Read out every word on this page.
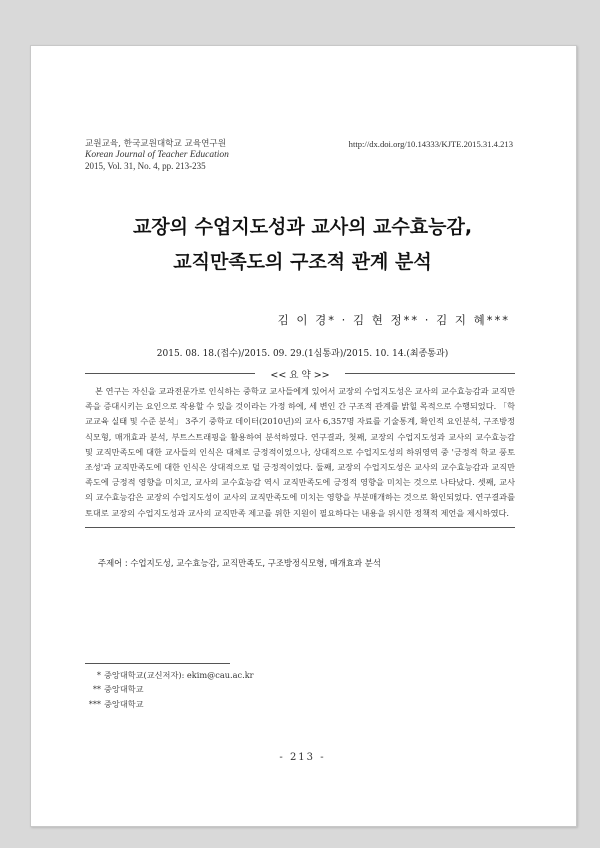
교원교육, 한국교원대학교 교육연구원
Korean Journal of Teacher Education
2015, Vol. 31, No. 4, pp. 213-235
http://dx.doi.org/10.14333/KJTE.2015.31.4.213
교장의 수업지도성과 교사의 교수효능감,
교직만족도의 구조적 관계 분석
김 이 경* · 김 현 정** · 김 지 혜***
2015. 08. 18.(접수)/2015. 09. 29.(1심통과)/2015. 10. 14.(최종통과)
<< 요 약 >>
본 연구는 자신을 교과전문가로 인식하는 중학교 교사들에게 있어서 교장의 수업지도성은 교사의 교수효능감과 교직만족을 증대시키는 요인으로 작용할 수 있을 것이라는 가정 하에, 세 변인 간 구조적 관계를 밝힐 목적으로 수행되었다. 「학교교육 실태 및 수준 분석」 3주기 중학교 데이터(2010년)의 교사 6,357명 자료를 기술통계, 확인적 요인분석, 구조방정식모형, 매개효과 분석, 부트스트래핑을 활용하여 분석하였다. 연구결과, 첫째, 교장의 수업지도성과 교사의 교수효능감 및 교직만족도에 대한 교사들의 인식은 대체로 긍정적이었으나, 상대적으로 수업지도성의 하위영역 중 '긍정적 학교 풍토 조성'과 교직만족도에 대한 인식은 상대적으로 덜 긍정적이었다. 둘째, 교장의 수업지도성은 교사의 교수효능감과 교직만족도에 긍정적 영향을 미치고, 교사의 교수효능감 역시 교직만족도에 긍정적 영향을 미치는 것으로 나타났다. 셋째, 교사의 교수효능감은 교장의 수업지도성이 교사의 교직만족도에 미치는 영향을 부분매개하는 것으로 확인되었다. 연구결과를 토대로 교장의 수업지도성과 교사의 교직만족 제고를 위한 지원이 필요하다는 내용을 위시한 정책적 제언을 제시하였다.
주제어 : 수업지도성, 교수효능감, 교직만족도, 구조방정식모형, 매개효과 분석
* 중앙대학교(교신저자): ekim@cau.ac.kr
** 중앙대학교
*** 중앙대학교
- 213 -
